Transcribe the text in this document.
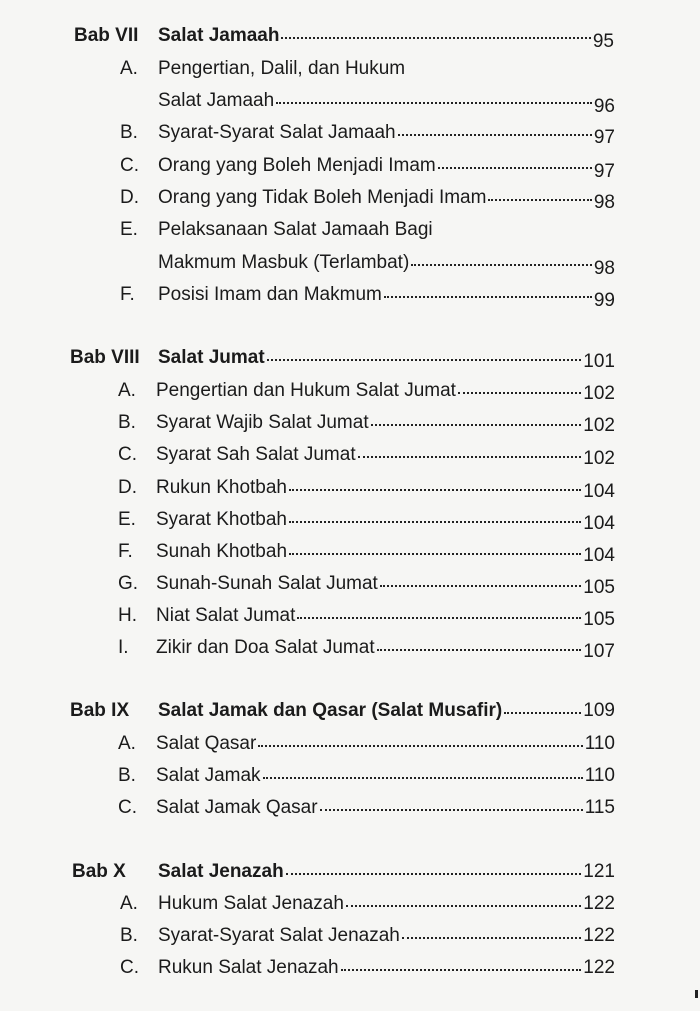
Bab VII	Salat Jamaah	95
A.	Pengertian, Dalil, dan Hukum
Salat Jamaah	96
B.	Syarat-Syarat Salat Jamaah	97
C.	Orang yang Boleh Menjadi Imam	97
D.	Orang yang Tidak Boleh Menjadi Imam	98
E.	Pelaksanaan Salat Jamaah Bagi
Makmum Masbuk (Terlambat)	98
F.	Posisi Imam dan Makmum	99
Bab VIII Salat Jumat	101
A.	Pengertian dan Hukum Salat Jumat	102
B.	Syarat Wajib Salat Jumat	102
C.	Syarat Sah Salat Jumat	102
D.	Rukun Khotbah	104
E.	Syarat Khotbah	104
F.	Sunah Khotbah	104
G. Sunah-Sunah Salat Jumat	105
H.	Niat Salat Jumat	105
I.	Zikir dan Doa Salat Jumat	107
Bab IX	Salat Jamak dan Qasar (Salat Musafir)	109
A.	Salat Qasar	110
B.	Salat Jamak	110
C.	Salat Jamak Qasar	115
Bab X	Salat Jenazah	121
A.	Hukum Salat Jenazah	122
B.	Syarat-Syarat Salat Jenazah	122
C.	Rukun Salat Jenazah	122
